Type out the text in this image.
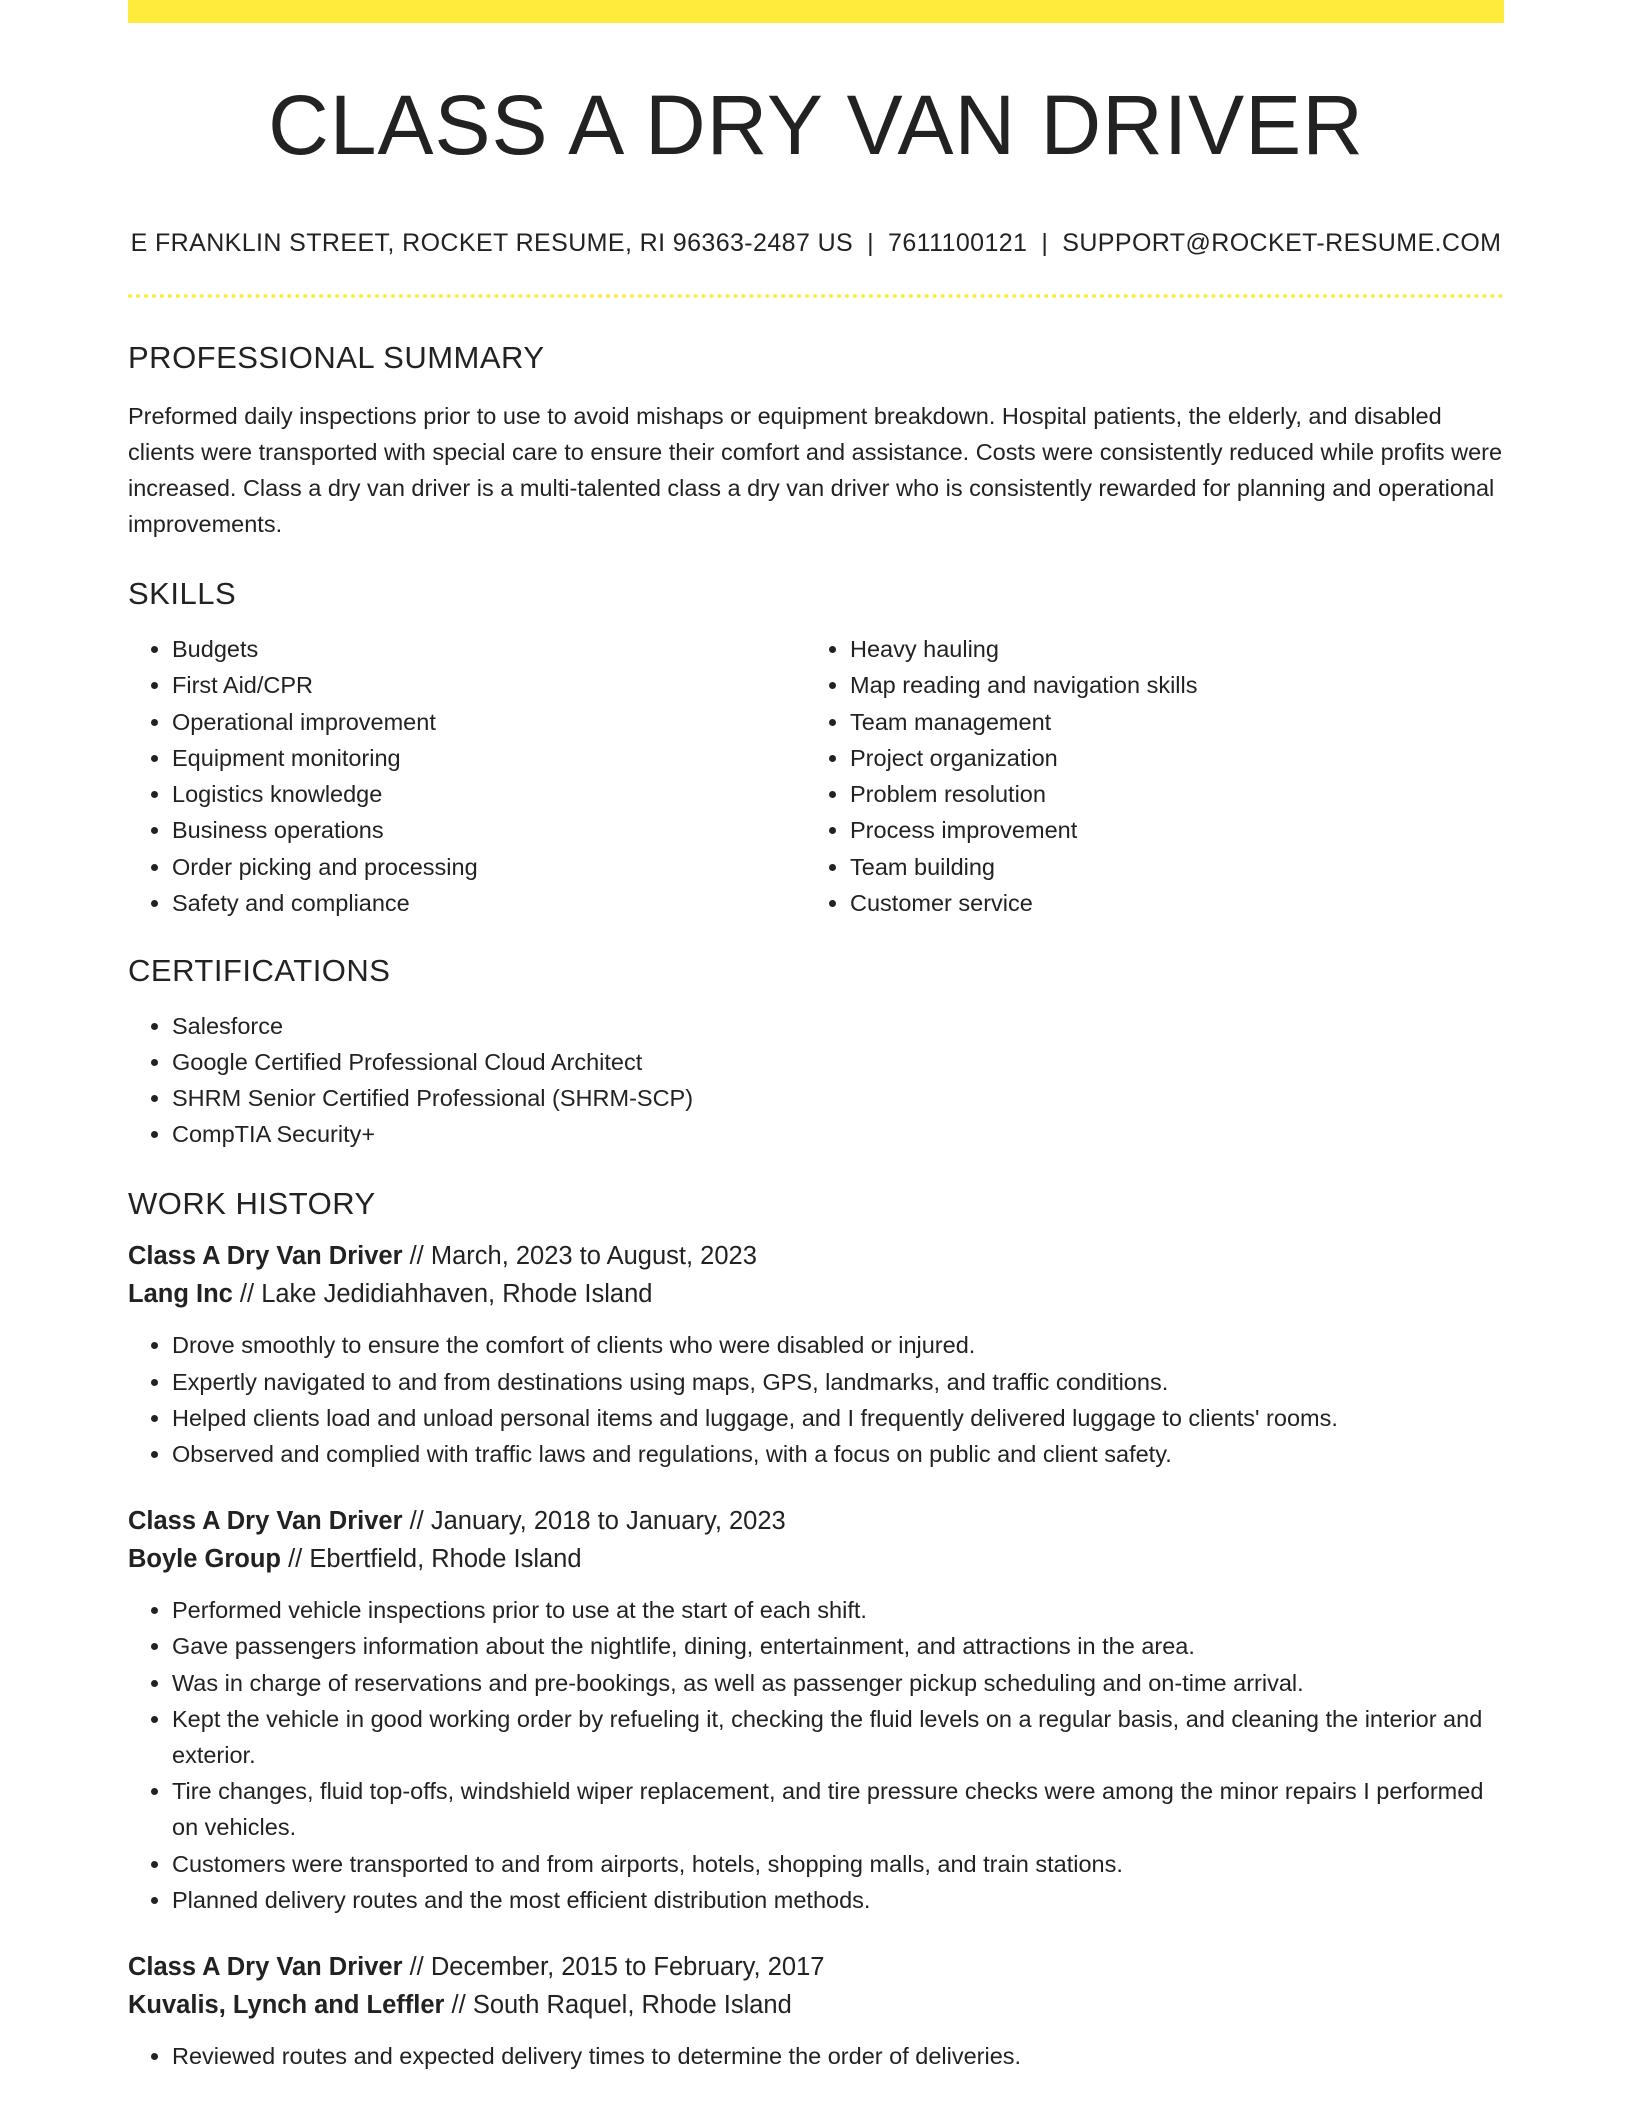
CLASS A DRY VAN DRIVER
E FRANKLIN STREET, ROCKET RESUME, RI 96363-2487 US | 7611100121 | SUPPORT@ROCKET-RESUME.COM
PROFESSIONAL SUMMARY
Preformed daily inspections prior to use to avoid mishaps or equipment breakdown. Hospital patients, the elderly, and disabled clients were transported with special care to ensure their comfort and assistance. Costs were consistently reduced while profits were increased. Class a dry van driver is a multi-talented class a dry van driver who is consistently rewarded for planning and operational improvements.
SKILLS
• Budgets
• First Aid/CPR
• Operational improvement
• Equipment monitoring
• Logistics knowledge
• Business operations
• Order picking and processing
• Safety and compliance
• Heavy hauling
• Map reading and navigation skills
• Team management
• Project organization
• Problem resolution
• Process improvement
• Team building
• Customer service
CERTIFICATIONS
• Salesforce
• Google Certified Professional Cloud Architect
• SHRM Senior Certified Professional (SHRM-SCP)
• CompTIA Security+
WORK HISTORY
Class A Dry Van Driver // March, 2023 to August, 2023
Lang Inc // Lake Jedidiahhaven, Rhode Island
• Drove smoothly to ensure the comfort of clients who were disabled or injured.
• Expertly navigated to and from destinations using maps, GPS, landmarks, and traffic conditions.
• Helped clients load and unload personal items and luggage, and I frequently delivered luggage to clients' rooms.
• Observed and complied with traffic laws and regulations, with a focus on public and client safety.
Class A Dry Van Driver // January, 2018 to January, 2023
Boyle Group // Ebertfield, Rhode Island
• Performed vehicle inspections prior to use at the start of each shift.
• Gave passengers information about the nightlife, dining, entertainment, and attractions in the area.
• Was in charge of reservations and pre-bookings, as well as passenger pickup scheduling and on-time arrival.
• Kept the vehicle in good working order by refueling it, checking the fluid levels on a regular basis, and cleaning the interior and exterior.
• Tire changes, fluid top-offs, windshield wiper replacement, and tire pressure checks were among the minor repairs I performed on vehicles.
• Customers were transported to and from airports, hotels, shopping malls, and train stations.
• Planned delivery routes and the most efficient distribution methods.
Class A Dry Van Driver // December, 2015 to February, 2017
Kuvalis, Lynch and Leffler // South Raquel, Rhode Island
• Reviewed routes and expected delivery times to determine the order of deliveries.
